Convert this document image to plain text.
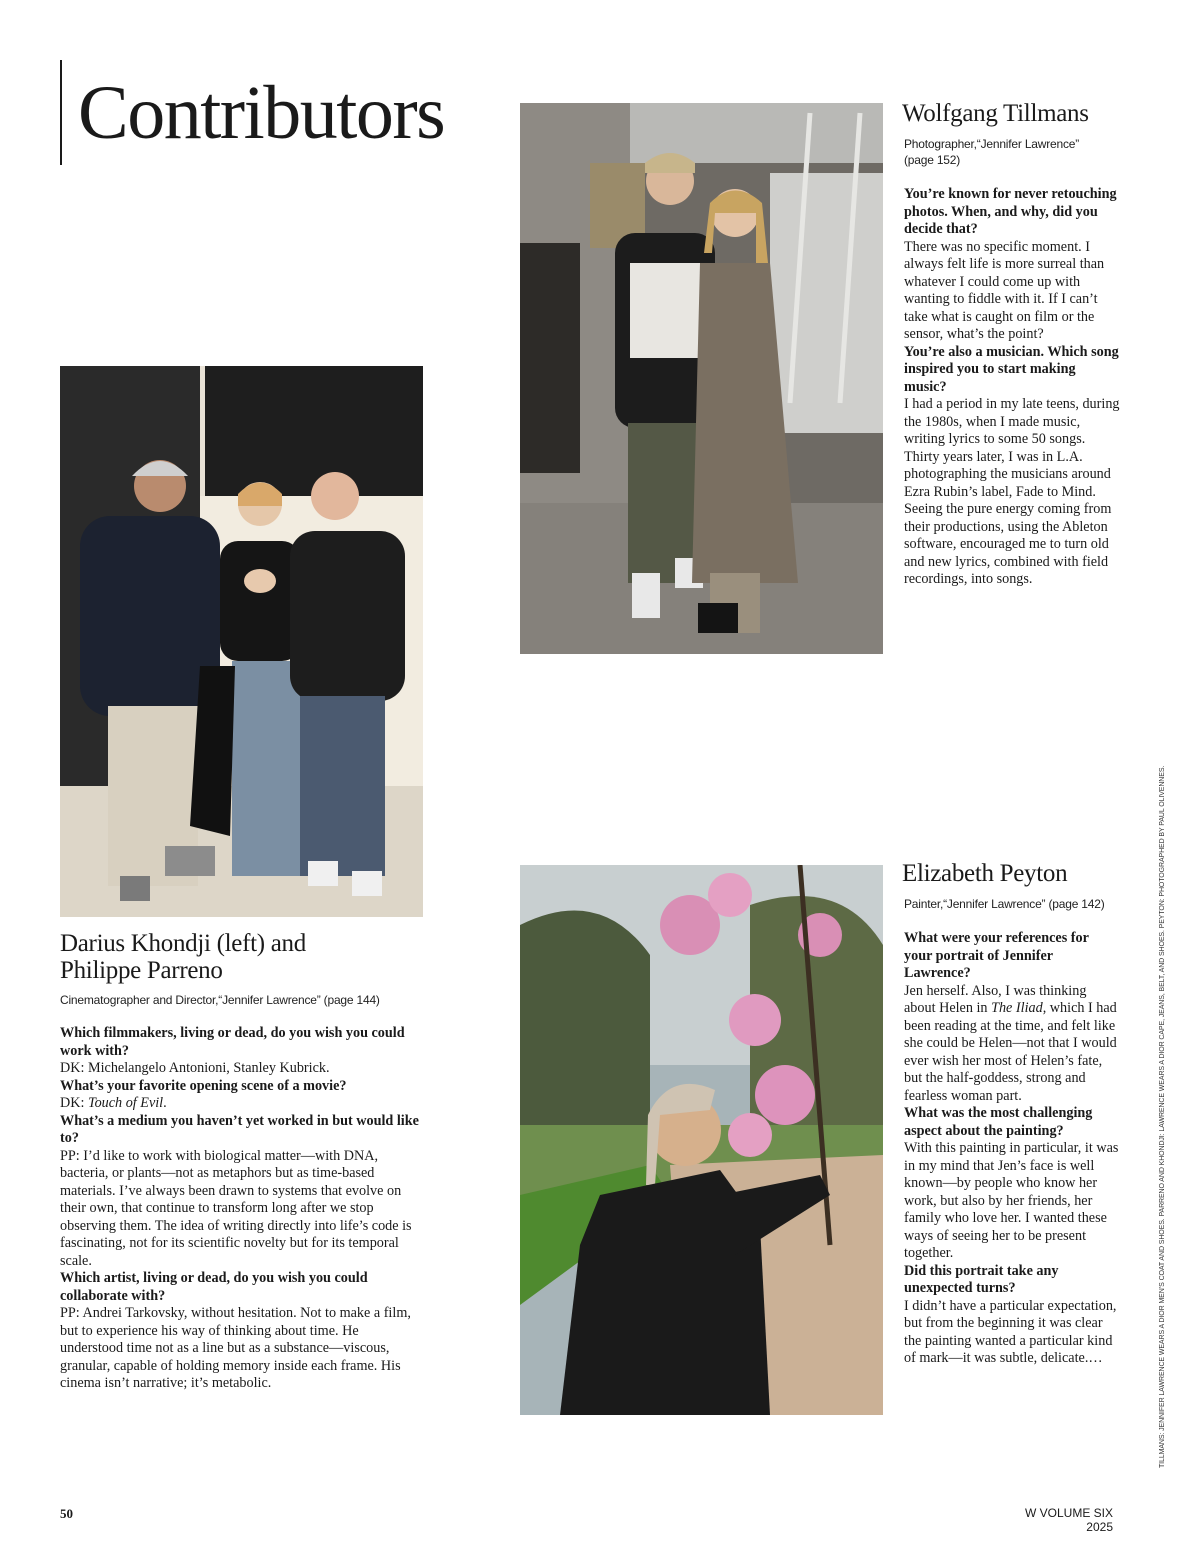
Contributors	Wolfgang Tillmans
Photographer,“Jennifer Lawrence” (page 152)

You’re known for never retouching photos. When, and why, did you decide that?

There was no specific moment. I always felt life is more surreal than whatever I could come up with wanting to fiddle with it. If I can’t take what is caught on film or the sensor, what’s the point?

You’re also a musician. Which song inspired you to start making music?

I had a period in my late teens, during the 1980s, when I made music, writing lyrics to some 50 songs. Thirty years later, I was in L.A. photographing the musicians around Ezra Rubin’s label, Fade to Mind. Seeing the pure energy coming from their productions, using the Ableton software, encouraged me to turn old and new lyrics, combined with field recordings, into songs.

Darius Khondji (left) and
Philippe Parreno
Cinematographer and Director,“Jennifer Lawrence” (page 144)

Which filmmakers, living or dead, do you wish you could work with?

DK: Michelangelo Antonioni, Stanley Kubrick.

What’s your favorite opening scene of a movie?

DK: Touch of Evil.

What’s a medium you haven’t yet worked in but would like to?

PP: I’d like to work with biological matter—with DNA, bacteria, or plants—not as metaphors but as time-based materials. I’ve always been drawn to systems that evolve on their own, that continue to transform long after we stop observing them. The idea of writing directly into life’s code is fascinating, not for its scientific novelty but for its temporal scale.

Which artist, living or dead, do you wish you could collaborate with?

PP: Andrei Tarkovsky, without hesitation. Not to make a film, but to experience his way of thinking about time. He understood time not as a line but as a substance—viscous, granular, capable of holding memory inside each frame. His cinema isn’t narrative; it’s metabolic.

Elizabeth Peyton
Painter,“Jennifer Lawrence” (page 142)

What were your references for your portrait of Jennifer Lawrence?

Jen herself. Also, I was thinking about Helen in The Iliad, which I had been reading at the time, and felt like she could be Helen—not that I would ever wish her most of Helen’s fate, but the half-goddess, strong and fearless woman part.

What was the most challenging aspect about the painting?

With this painting in particular, it was in my mind that Jen’s face is well known—by people who know her work, but also by her friends, her family who love her. I wanted these ways of seeing her to be present together.

Did this portrait take any unexpected turns?

I didn’t have a particular expectation, but from the beginning it was clear the painting wanted a particular kind of mark—it was subtle, delicate.…	TILLMANS: JENNIFER LAWRENCE WEARS A DIOR MEN’S COAT AND SHOES. PARRENO AND KHONDJI: LAWRENCE WEARS A DIOR CAPE, JEANS, BELT, AND SHOES. PEYTON: PHOTOGRAPHED BY PAUL OLIVENNES.
50	W VOLUME SIX 2025
